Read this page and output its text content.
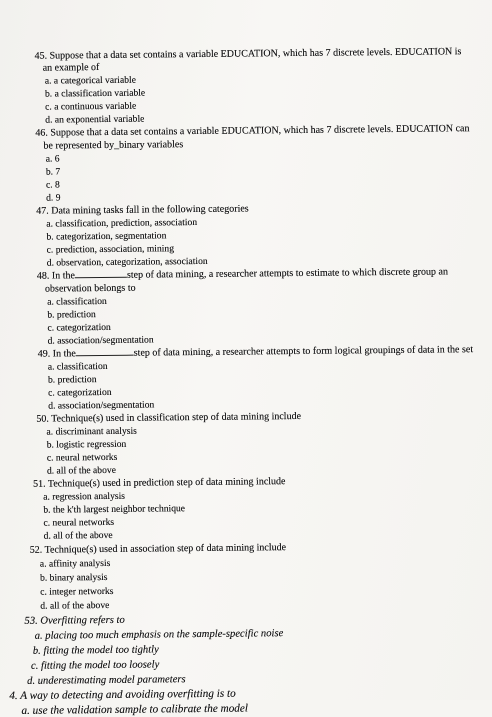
45. Suppose that a data set contains a variable EDUCATION, which has 7 discrete levels. EDUCATION is
an example of
a. a categorical variable
b. a classification variable
c. a continuous variable
d. an exponential variable
46. Suppose that a data set contains a variable EDUCATION, which has 7 discrete levels. EDUCATION can
be represented by_binary variables
a. 6
b. 7
c. 8
d. 9
47. Data mining tasks fall in the following categories
a. classification, prediction, association
b. categorization, segmentation
c. prediction, association, mining
d. observation, categorization, association
48. In the	step of data mining, a researcher attempts to estimate to which discrete group an
observation belongs to
a. classification
b. prediction
c. categorization
d. association/segmentation
49. In the	step of data mining, a researcher attempts to form logical groupings of data in the set
a. classification
b. prediction
c. categorization
d. association/segmentation
50. Technique(s) used in classification step of data mining include
a. discriminant analysis
b. logistic regression
c. neural networks
d. all of the above
51. Technique(s) used in prediction step of data mining include
a. regression analysis
b. the k'th largest neighbor technique
c. neural networks
d. all of the above
52. Technique(s) used in association step of data mining include
a. affinity analysis
b. binary analysis
c. integer networks
d. all of the above
53. Overfitting refers to
a. placing too much emphasis on the sample-specific noise
b. fitting the model too tightly
c. fitting the model too loosely
d. underestimating model parameters
4. A way to detecting and avoiding overfitting is to
a. use the validation sample to calibrate the model
